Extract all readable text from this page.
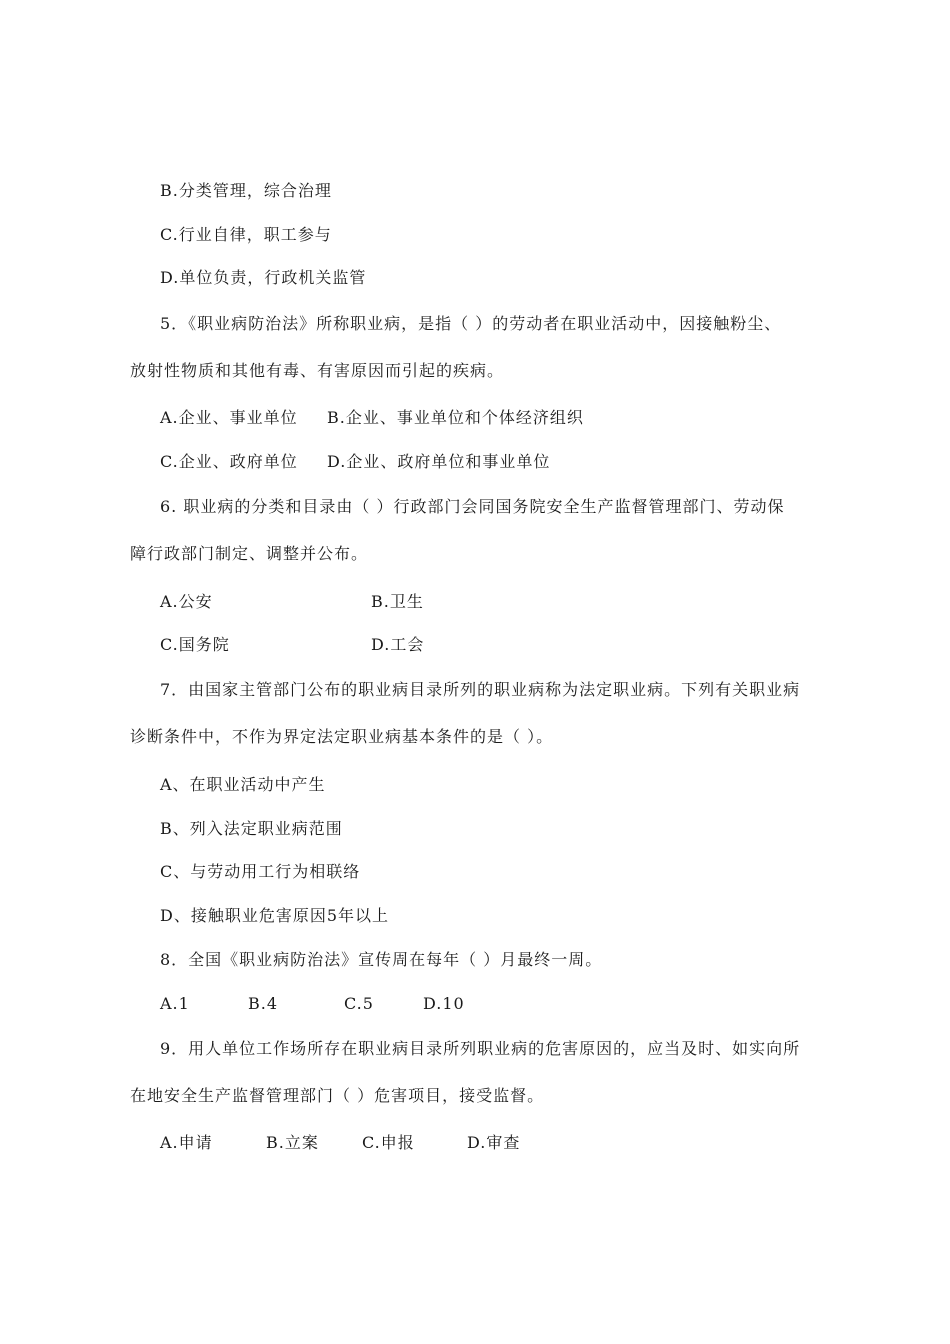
B.分类管理，综合治理
C.行业自律，职工参与
D.单位负责，行政机关监管
5．《职业病防治法》所称职业病，是指（ ）的劳动者在职业活动中，因接触粉尘、
放射性物质和其他有毒、有害原因而引起的疾病。
A.企业、事业单位 B.企业、事业单位和个体经济组织
C.企业、政府单位 D.企业、政府单位和事业单位
6. 职业病的分类和目录由（ ）行政部门会同国务院安全生产监督管理部门、劳动保
障行政部门制定、调整并公布。
A.公安	B.卫生
C.国务院	D.工会
7．由国家主管部门公布的职业病目录所列的职业病称为法定职业病。下列有关职业病
诊断条件中，不作为界定法定职业病基本条件的是（ ）。
A、在职业活动中产生
B、列入法定职业病范围
C、与劳动用工行为相联络
D、接触职业危害原因5年以上
8．全国《职业病防治法》宣传周在每年（ ）月最终一周。
A.1	B.4	C.5	D.10
9．用人单位工作场所存在职业病目录所列职业病的危害原因的，应当及时、如实向所
在地安全生产监督管理部门（ ）危害项目，接受监督。
A.申请	B.立案	C.申报	D.审查
